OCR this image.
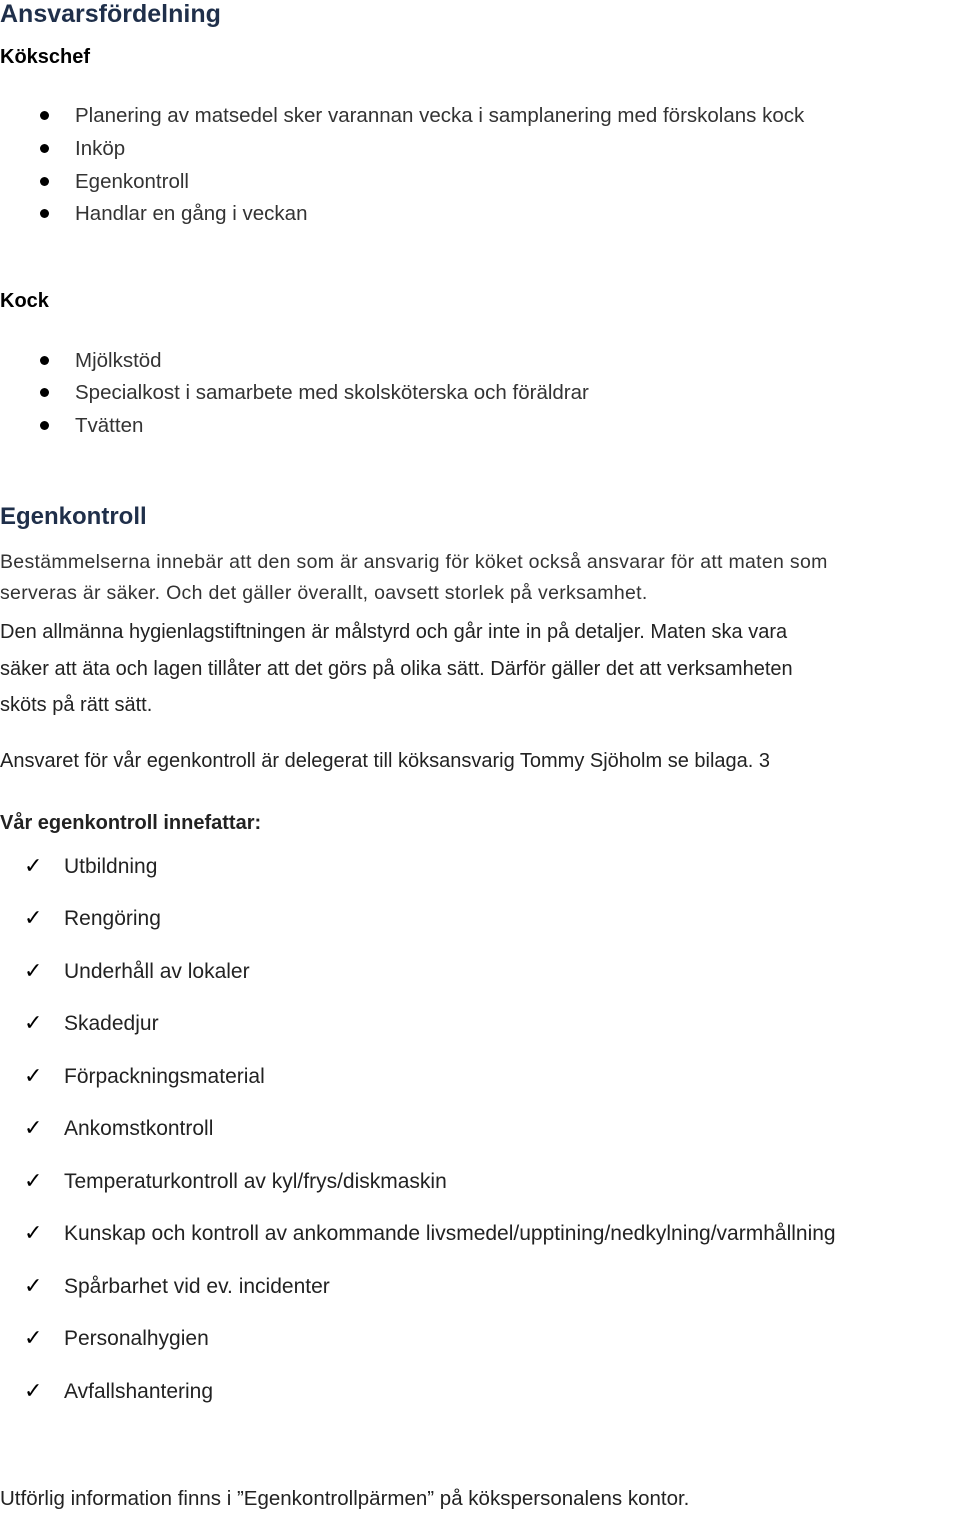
Ansvarsfördelning
Kökschef
Planering av matsedel sker varannan vecka i samplanering med förskolans kock
Inköp
Egenkontroll
Handlar en gång i veckan
Kock
Mjölkstöd
Specialkost i samarbete med skolsköterska och föräldrar
Tvätten
Egenkontroll
Bestämmelserna innebär att den som är ansvarig för köket också ansvarar för att maten som
serveras är säker. Och det gäller överallt, oavsett storlek på verksamhet.
Den allmänna hygienlagstiftningen är målstyrd och går inte in på detaljer. Maten ska vara
säker att äta och lagen tillåter att det görs på olika sätt. Därför gäller det att verksamheten
sköts på rätt sätt.
Ansvaret för vår egenkontroll är delegerat till köksansvarig Tommy Sjöholm se bilaga. 3
Vår egenkontroll innefattar:
✓ Utbildning
✓ Rengöring
✓ Underhåll av lokaler
✓ Skadedjur
✓ Förpackningsmaterial
✓ Ankomstkontroll
✓ Temperaturkontroll av kyl/frys/diskmaskin
✓ Kunskap och kontroll av ankommande livsmedel/upptining/nedkylning/varmhållning
✓ Spårbarhet vid ev. incidenter
✓ Personalhygien
✓ Avfallshantering
Utförlig information finns i ”Egenkontrollpärmen” på kökspersonalens kontor.
